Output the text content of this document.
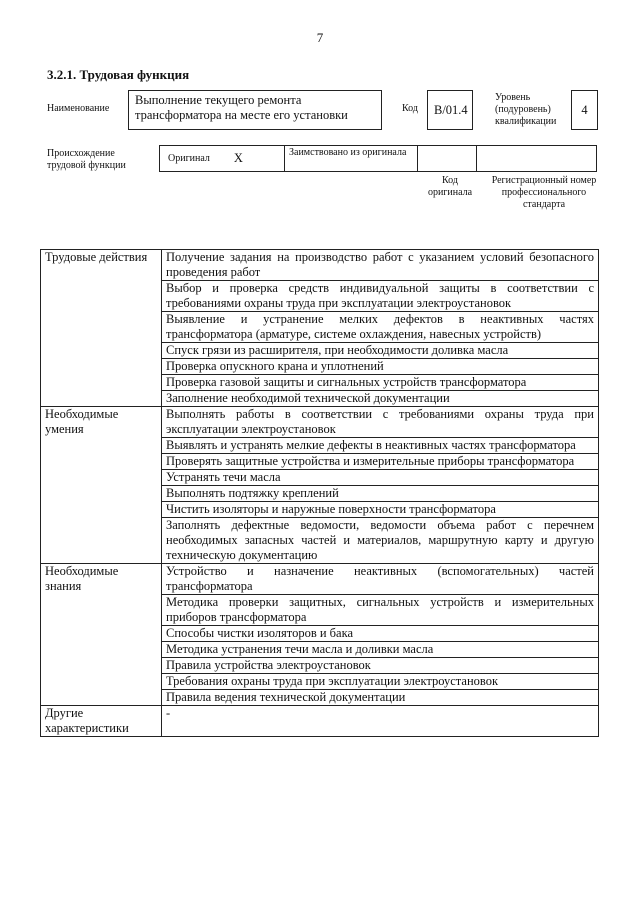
7
3.2.1. Трудовая функция
Наименование
Выполнение текущего ремонта трансформатора на месте его установки	Код	В/01.4
Уровень (подуровень) квалификации
4
Происхождение трудовой функции
Оригинал X	Заимствовано из оригинала
Код оригинала
Регистрационный номер профессионального стандарта
Трудовые действия	Получение задания на производство работ с указанием условий безопасного проведения работ
	Выбор и проверка средств индивидуальной защиты в соответствии с требованиями охраны труда при эксплуатации электроустановок
	Выявление и устранение мелких дефектов в неактивных частях трансформатора (арматуре, системе охлаждения, навесных устройств)
	Спуск грязи из расширителя, при необходимости доливка масла
	Проверка опускного крана и уплотнений
	Проверка газовой защиты и сигнальных устройств трансформатора
	Заполнение необходимой технической документации
Необходимые умения	Выполнять работы в соответствии с требованиями охраны труда при эксплуатации электроустановок
	Выявлять и устранять мелкие дефекты в неактивных частях трансформатора
	Проверять защитные устройства и измерительные приборы трансформатора
	Устранять течи масла
	Выполнять подтяжку креплений
	Чистить изоляторы и наружные поверхности трансформатора
	Заполнять дефектные ведомости, ведомости объема работ с перечнем необходимых запасных частей и материалов, маршрутную карту и другую техническую документацию
Необходимые знания	Устройство и назначение неактивных (вспомогательных) частей трансформатора
	Методика проверки защитных, сигнальных устройств и измерительных приборов трансформатора
	Способы чистки изоляторов и бака
	Методика устранения течи масла и доливки масла
	Правила устройства электроустановок
	Требования охраны труда при эксплуатации электроустановок
	Правила ведения технической документации
Другие характеристики	-
